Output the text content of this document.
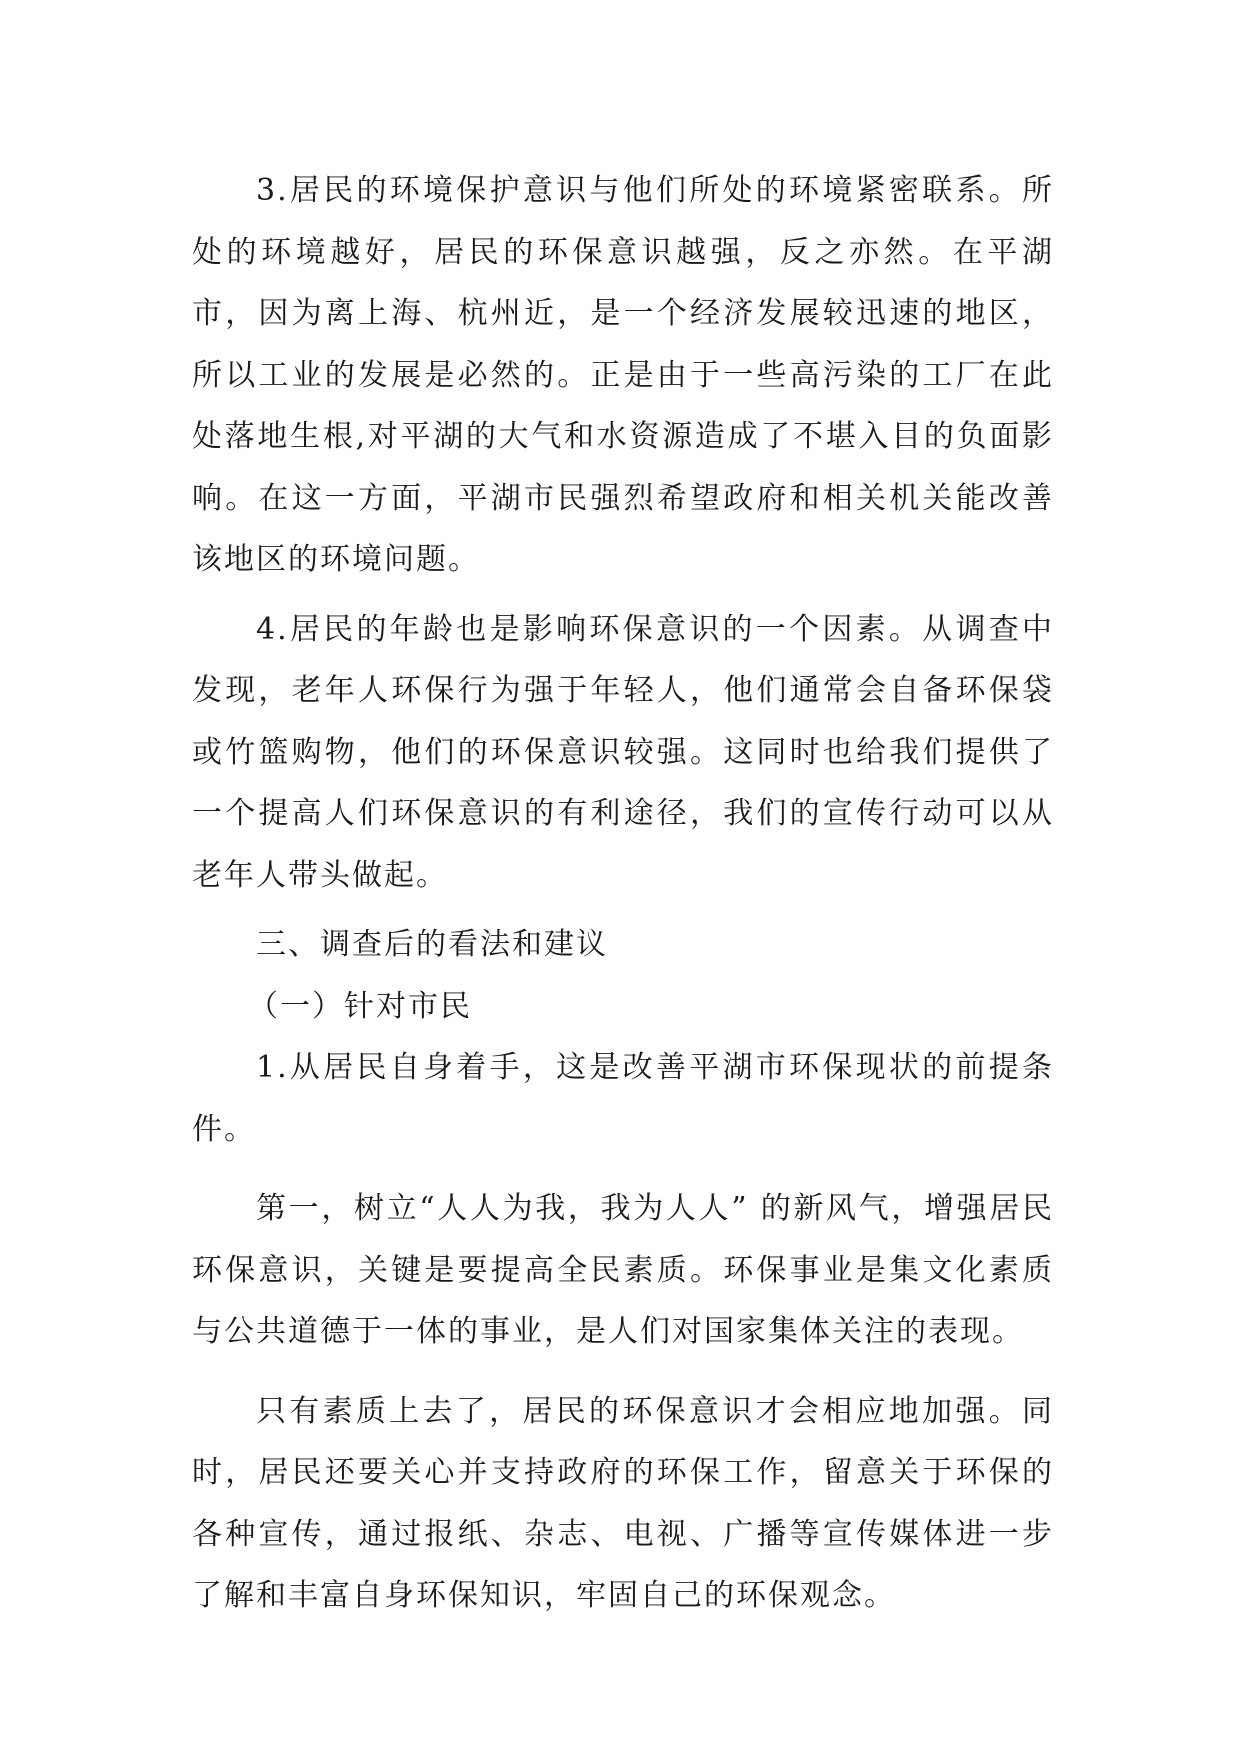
3.居民的环境保护意识与他们所处的环境紧密联系。所处的环境越好，居民的环保意识越强，反之亦然。在平湖市，因为离上海、杭州近，是一个经济发展较迅速的地区，所以工业的发展是必然的。正是由于一些高污染的工厂在此处落地生根,对平湖的大气和水资源造成了不堪入目的负面影响。在这一方面，平湖市民强烈希望政府和相关机关能改善该地区的环境问题。

4.居民的年龄也是影响环保意识的一个因素。从调查中发现，老年人环保行为强于年轻人，他们通常会自备环保袋或竹篮购物，他们的环保意识较强。这同时也给我们提供了一个提高人们环保意识的有利途径，我们的宣传行动可以从老年人带头做起。

三、调查后的看法和建议

（一）针对市民

1.从居民自身着手，这是改善平湖市环保现状的前提条件。

第一，树立“人人为我，我为人人” 的新风气，增强居民环保意识，关键是要提高全民素质。环保事业是集文化素质与公共道德于一体的事业，是人们对国家集体关注的表现。

只有素质上去了，居民的环保意识才会相应地加强。同时，居民还要关心并支持政府的环保工作，留意关于环保的各种宣传，通过报纸、杂志、电视、广播等宣传媒体进一步了解和丰富自身环保知识，牢固自己的环保观念。
